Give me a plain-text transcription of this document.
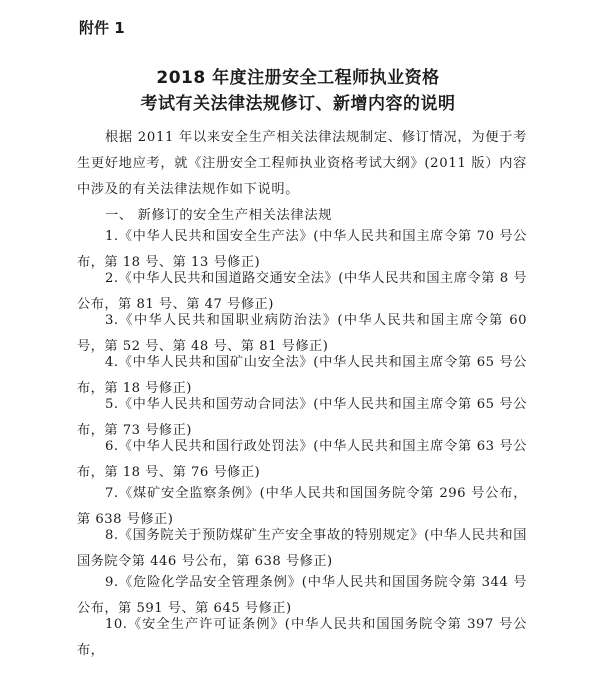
附件 1
2018 年度注册安全工程师执业资格
考试有关法律法规修订、新增内容的说明
根据 2011 年以来安全生产相关法律法规制定、修订情况，为便于考生更好地应考，就《注册安全工程师执业资格考试大纲》(2011 版）内容中涉及的有关法律法规作如下说明。
一、 新修订的安全生产相关法律法规
1.《中华人民共和国安全生产法》(中华人民共和国主席令第 70 号公布，第 18 号、第 13 号修正)
2.《中华人民共和国道路交通安全法》(中华人民共和国主席令第 8 号公布，第 81 号、第 47 号修正)
3.《中华人民共和国职业病防治法》(中华人民共和国主席令第 60 号，第 52 号、第 48 号、第 81 号修正)
4.《中华人民共和国矿山安全法》(中华人民共和国主席令第 65 号公布，第 18 号修正)
5.《中华人民共和国劳动合同法》(中华人民共和国主席令第 65 号公布，第 73 号修正)
6.《中华人民共和国行政处罚法》(中华人民共和国主席令第 63 号公布，第 18 号、第 76 号修正)
7.《煤矿安全监察条例》(中华人民共和国国务院令第 296 号公布，第 638 号修正)
8.《国务院关于预防煤矿生产安全事故的特别规定》(中华人民共和国国务院令第 446 号公布，第 638 号修正)
9.《危险化学品安全管理条例》(中华人民共和国国务院令第 344 号公布，第 591 号、第 645 号修正)
10.《安全生产许可证条例》(中华人民共和国国务院令第 397 号公布，
